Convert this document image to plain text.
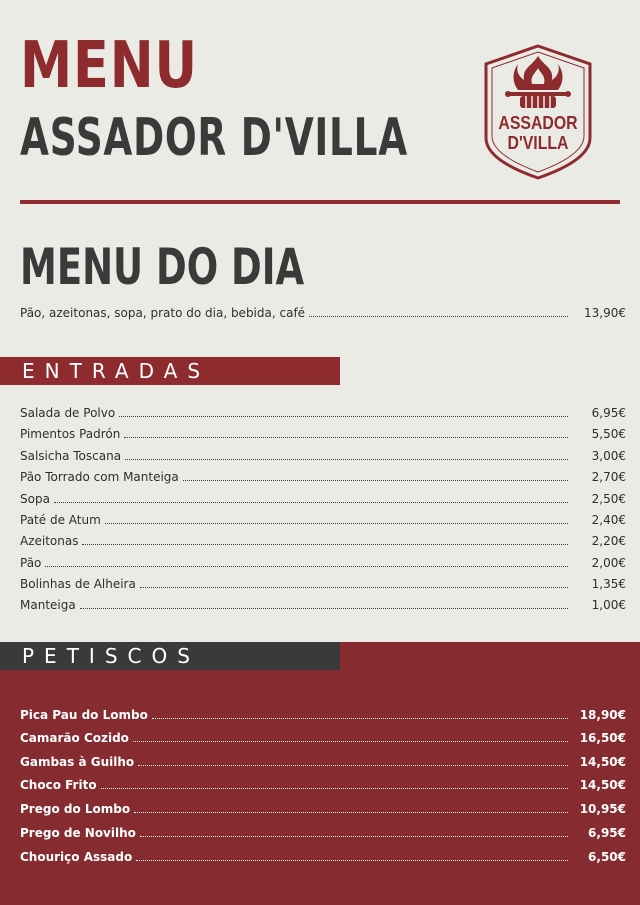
MENU
ASSADOR D'VILLA	ASSADOR
D'VILLA
MENU DO DIA
Pão, azeitonas, sopa, prato do dia, bebida, café	13,90€
ENTRADAS
Salada de Polvo	6,95€
Pimentos Padrón	5,50€
Salsicha Toscana	3,00€
Pão Torrado com Manteiga	2,70€
Sopa	2,50€
Paté de Atum	2,40€
Azeitonas	2,20€
Pão	2,00€
Bolinhas de Alheira	1,35€
Manteiga	1,00€
PETISCOS
Pica Pau do Lombo	18,90€
Camarão Cozido	16,50€
Gambas à Guilho	14,50€
Choco Frito	14,50€
Prego do Lombo	10,95€
Prego de Novilho	6,95€
Chouriço Assado	6,50€
